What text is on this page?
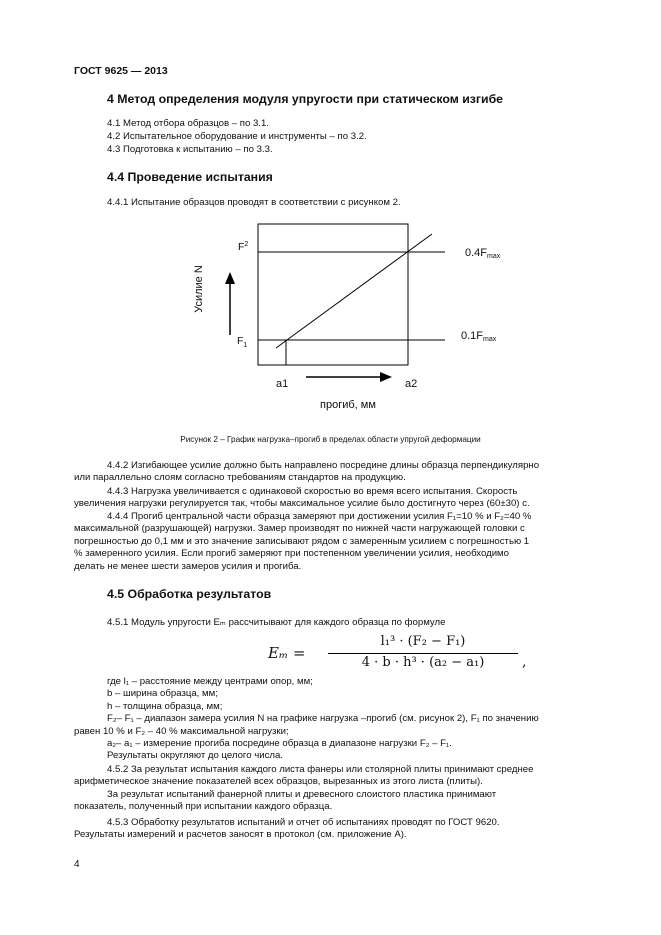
ГОСТ 9625 — 2013
4 Метод определения модуля упругости при статическом изгибе
4.1 Метод отбора образцов – по 3.1.
4.2 Испытательное оборудование и инструменты – по 3.2.
4.3 Подготовка к испытанию – по 3.3.
4.4 Проведение испытания
4.4.1 Испытание образцов проводят в соответствии с рисунком 2.
Усилие N
$F^2$
$F_1$
а1	а2
прогиб, мм
0.4Fmax
0.1Fmax
Рисунок 2 – График нагрузка–прогиб в пределах области упругой деформации
4.4.2 Изгибающее усилие должно быть направлено посредине длины образца перпендикулярно
или параллельно слоям согласно требованиям стандартов на продукцию.
4.4.3 Нагрузка увеличивается с одинаковой скоростью во время всего испытания. Скорость
увеличения нагрузки регулируется так, чтобы максимальное усилие было достигнуто через (60±30) с.
4.4.4 Прогиб центральной части образца замеряют при достижении усилия F₁=10 % и F₂=40 %
максимальной (разрушающей) нагрузки. Замер производят по нижней части нагружающей головки с
погрешностью до 0,1 мм и это значение записывают рядом с замеренным усилием с погрешностью 1
% замеренного усилия. Если прогиб замеряют при постепенном увеличении усилия, необходимо
делать не менее шести замеров усилия и прогиба.
4.5 Обработка результатов
4.5.1 Модуль упругости Eₘ рассчитывают для каждого образца по формуле
Eₘ =
l₁³ · (F₂ − F₁)
4 · b · h³ · (a₂ − a₁)	,
где l₁ – расстояние между центрами опор, мм;
b – ширина образца, мм;
h – толщина образца, мм;
F₂– F₁ – диапазон замера усилия N на графике нагрузка –прогиб (см. рисунок 2), F₁ по значению
равен 10 % и F₂ – 40 % максимальной нагрузки;
a₂– a₁ – измерение прогиба посредине образца в диапазоне нагрузки F₂ – F₁.
Результаты округляют до целого числа.
4.5.2 За результат испытания каждого листа фанеры или столярной плиты принимают среднее
арифметическое значение показателей всех образцов, вырезанных из этого листа (плиты).
За результат испытаний фанерной плиты и древесного слоистого пластика принимают
показатель, полученный при испытании каждого образца.
4.5.3 Обработку результатов испытаний и отчет об испытаниях проводят по ГОСТ 9620.
Результаты измерений и расчетов заносят в протокол (см. приложение А).
4
